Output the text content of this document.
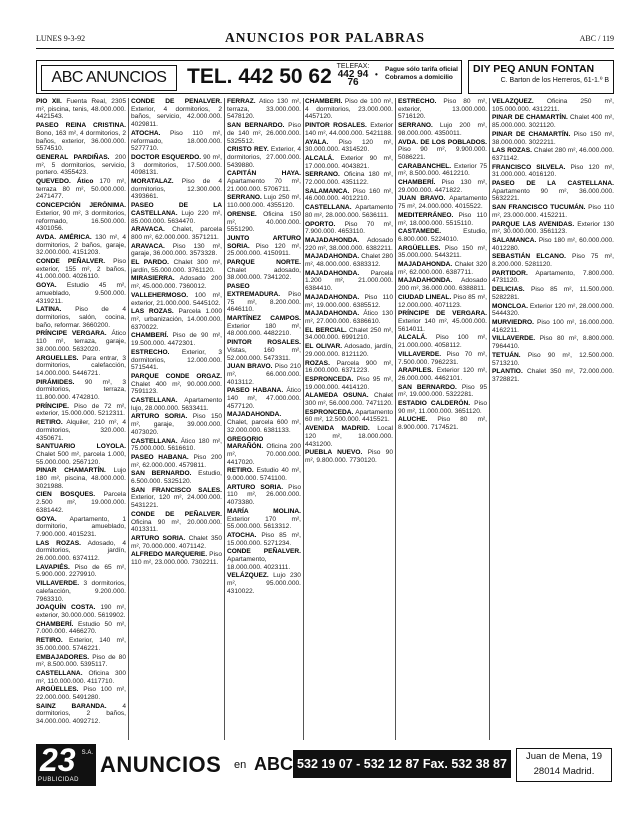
LUNES 9-3-92	ANUNCIOS POR PALABRAS	ABC / 119
ABC ANUNCIOS TEL. 442 50 62 TELEFAX:
442 94 76
•
Pague sólo tarifa oficial
Cobramos a domicilio
DIY PEQ ANUN FONTAN
C. Barton de los Herreros, 61-1.º B

PIO XII. Fuenta Real, 2305 m², piscina, tenis, 48.000.000. 4421543.

PASEO REINA CRISTINA. Bono, 163 m², 4 dormitorios, 2 baños, exterior, 36.000.000. 5574510.

GENERAL PARDIÑAS. 200 m², 5 dormitorios, servicio, portero. 4355423.

QUEVEDO. Ático 170 m², terraza 80 m², 50.000.000. 2471477.

CONCEPCIÓN JERÓNIMA. Exterior, 90 m², 3 dormitorios, reformado, 16.500.000. 4301056.

AVDA. AMÉRICA. 130 m², 4 dormitorios, 2 baños, garaje, 32.000.000. 4151203.

CONDE PEÑALVER. Piso exterior, 155 m², 2 baños, 41.000.000. 4026110.

GOYA. Estudio 45 m², amueblado, 9.500.000. 4319211.

LATINA. Piso de 4 dormitorios, salón, cocina, baño, reformar. 3660200.

PRÍNCIPE VERGARA. Ático 110 m², terraza, garaje, 38.000.000. 5632020.

ARGUELLES. Para entrar, 3 dormitorios, calefacción, 14.000.000. 5446721.

PIRÁMIDES. 90 m², 3 dormitorios, terraza, 11.800.000. 4742810.

PRÍNCIPE. Piso de 72 m², exterior, 15.000.000. 5212311.

RETIRO. Alquiler, 210 m², 4 dormitorios, 320.000. 4350671.

SANTUARIO LOYOLA. Chalet 500 m², parcela 1.000, 55.000.000. 2567120.

PINAR CHAMARTÍN. Lujo 180 m², piscina, 48.000.000. 3021988.

CIEN BOSQUES. Parcela 2.500 m², 19.000.000. 6381442.

GOYA. Apartamento, 1 dormitorio, amueblado, 7.900.000. 4015231.

LAS ROZAS. Adosado, 4 dormitorios, jardín, 26.000.000. 6374112.

LAVAPIÉS. Piso de 65 m², 5.900.000. 2279910.

VILLAVERDE. 3 dormitorios, calefacción, 9.200.000. 7963310.

JOAQUÍN COSTA. 190 m², exterior, 30.000.000. 5619902.

CHAMBERÍ. Estudio 50 m², 7.000.000. 4466270.

RETIRO. Exterior, 140 m², 35.000.000. 5746221.

EMBAJADORES. Piso de 80 m², 8.500.000. 5395117.

CASTELLANA. Oficina 300 m², 110.000.000. 4117710.

ARGÜELLES. Piso 100 m², 22.000.000. 5491280.

SAINZ BARANDA. 4 dormitorios, 2 baños, 34.000.000. 4092712.

CONDE DE PEÑALVER. Exterior, 4 dormitorios, 2 baños, servicio, 42.000.000. 4029811.

ATOCHA. Piso 110 m², reformado, 18.000.000. 5277710.

DOCTOR ESQUERDO. 90 m², 3 dormitorios, 17.500.000. 4098131.

MORATALAZ. Piso de 4 dormitorios, 12.300.000. 4393661.

PASEO DE LA CASTELLANA. Lujo 220 m², 85.000.000. 5634470.

ARAVACA. Chalet, parcela 800 m², 62.000.000. 3571211.

ARAVACA. Piso 130 m², garaje, 36.000.000. 3573328.

EL PARDO. Chalet 300 m², jardín, 55.000.000. 3761120.

MIRASIERRA. Adosado 200 m², 45.000.000. 7360012.

VALLEHERMOSO. 100 m², exterior, 21.000.000. 5445102.

LAS ROZAS. Parcela 1.000 m², urbanización, 14.000.000. 6370022.

CHAMBERÍ. Piso de 90 m², 19.500.000. 4472301.

ESTRECHO. Exterior, 3 dormitorios, 12.000.000. 5715441.

PARQUE CONDE ORGAZ. Chalet 400 m², 90.000.000. 7591123.

CASTELLANA. Apartamento lujo, 28.000.000. 5633411.

ARTURO SORIA. Piso 150 m², garaje, 39.000.000. 4073020.

CASTELLANA. Ático 180 m², 75.000.000. 5616610.

PASEO HABANA. Piso 200 m², 62.000.000. 4579811.

SAN BERNARDO. Estudio, 6.500.000. 5325120.

SAN FRANCISCO SALES. Exterior, 120 m², 24.000.000. 5431221.

CONDE DE PEÑALVER. Oficina 90 m², 20.000.000. 4013311.

ARTURO SORIA. Chalet 350 m², 70.000.000. 4071142.

ALFREDO MARQUERIE. Piso 110 m², 23.000.000. 7302211.

FERRAZ. Ático 130 m², terraza, 33.000.000. 5478120.

SAN BERNARDO. Piso de 140 m², 26.000.000. 5325512.

CRISTO REY. Exterior, 4 dormitorios, 27.000.000. 5439880.

CAPITÁN HAYA. Apartamento 70 m², 21.000.000. 5706711.

SERRANO. Lujo 250 m², 110.000.000. 4355120.

ORENSE. Oficina 150 m², 40.000.000. 5551290.

JUNTO ARTURO SORIA. Piso 120 m², 25.000.000. 4150911.

PARQUE NORTE. Chalet adosado, 38.000.000. 7341202.

PASEO EXTREMADURA. Piso 75 m², 8.200.000. 4646110.

MARTÍNEZ CAMPOS. Exterior 180 m², 48.000.000. 4482210.

PINTOR ROSALES. Vistas, 160 m², 52.000.000. 5473311.

JUAN BRAVO. Piso 210 m², 66.000.000. 4013112.

PASEO HABANA. Ático 140 m², 47.000.000. 4577120.

MAJADAHONDA. Chalet, parcela 600 m², 32.000.000. 6381133.

GREGORIO MARAÑÓN. Oficina 200 m², 70.000.000. 4417020.

RETIRO. Estudio 40 m², 9.000.000. 5741100.

ARTURO SORIA. Piso 110 m², 26.000.000. 4073380.

MARÍA MOLINA. Exterior 170 m², 55.000.000. 5613312.

ATOCHA. Piso 85 m², 15.000.000. 5271234.

CONDE PEÑALVER. Apartamento, 18.000.000. 4023111.

VELÁZQUEZ. Lujo 230 m², 95.000.000. 4310022.

CHAMBERÍ. Piso de 100 m², 4 dormitorios, 23.000.000. 4457120.

PINTOR ROSALES. Exterior 140 m², 44.000.000. 5421188.

AYALA. Piso 120 m², 30.000.000. 4314520.

ALCALÁ. Exterior 90 m², 17.000.000. 4043821.

SERRANO. Oficina 180 m², 72.000.000. 4351122.

SALAMANCA. Piso 160 m², 46.000.000. 4012210.

CASTELLANA. Apartamento 80 m², 28.000.000. 5636111.

OPORTO. Piso 70 m², 7.900.000. 4653110.

MAJADAHONDA. Adosado 220 m², 38.000.000. 6382211.

MAJADAHONDA. Chalet 280 m², 48.000.000. 6383312.

MAJADAHONDA. Parcela 1.200 m², 21.000.000. 6384410.

MAJADAHONDA. Piso 110 m², 19.000.000. 6385512.

MAJADAHONDA. Ático 130 m², 27.000.000. 6386610.

EL BERCIAL. Chalet 250 m², 34.000.000. 6991210.

EL OLIVAR. Adosado, jardín, 29.000.000. 8121120.

ROZAS. Parcela 900 m², 16.000.000. 6371223.

ESPRONCEDA. Piso 95 m², 19.000.000. 4414120.

ALAMEDA OSUNA. Chalet 300 m², 56.000.000. 7471120.

ESPRONCEDA. Apartamento 60 m², 12.500.000. 4415521.

AVENIDA MADRID. Local 120 m², 18.000.000. 4431200.

PUEBLA NUEVO. Piso 90 m², 9.800.000. 7730120.

ESTRECHO. Piso 80 m², exterior, 13.000.000. 5716120.

SERRANO. Lujo 200 m², 98.000.000. 4350011.

AVDA. DE LOS POBLADOS. Piso 90 m², 9.900.000. 5086221.

CARABANCHEL. Exterior 75 m², 8.500.000. 4612210.

CHAMBERÍ. Piso 130 m², 29.000.000. 4471822.

JUAN BRAVO. Apartamento 75 m², 24.000.000. 4015522.

MEDITERRÁNEO. Piso 110 m², 18.000.000. 5515110.

CASTAMEDE.	Estudio, 6.800.000. 5224010.

ARGÜELLES. Piso 150 m², 35.000.000. 5443211.

MAJADAHONDA. Chalet 320 m², 62.000.000. 6387711.

MAJADAHONDA. Adosado 200 m², 36.000.000. 6388811.

CIUDAD LINEAL. Piso 85 m², 12.000.000. 4071123.

PRÍNCIPE DE VERGARA. Exterior 140 m², 45.000.000. 5614011.

ALCALÁ. Piso 100 m², 21.000.000. 4058112.

VILLAVERDE. Piso 70 m², 7.500.000. 7962231.

ARAPILES. Exterior 120 m², 26.000.000. 4462101.

SAN BERNARDO. Piso 95 m², 19.000.000. 5322281.

ESTADIO CALDERÓN. Piso 90 m², 11.000.000. 3651120.

ALUCHE. Piso 80 m², 8.900.000. 7174521.

VELÁZQUEZ. Oficina 250 m², 105.000.000. 4312211.

PINAR DE CHAMARTÍN. Chalet 400 m², 85.000.000. 3021120.

PINAR DE CHAMARTÍN. Piso 150 m², 38.000.000. 3022211.

LAS ROZAS. Chalet 280 m², 46.000.000. 6371142.

FRANCISCO SILVELA. Piso 120 m², 31.000.000. 4016120.

PASEO DE LA CASTELLANA. Apartamento 90 m², 36.000.000. 5632221.

SAN FRANCISCO TUCUMÁN. Piso 110 m², 23.000.000. 4152211.

PARQUE LAS AVENIDAS. Exterior 130 m², 30.000.000. 3561123.

SALAMANCA. Piso 180 m², 60.000.000. 4012280.

SEBASTIÁN ELCANO. Piso 75 m², 8.200.000. 5281120.

PARTIDOR. Apartamento, 7.800.000. 4731120.

DELICIAS. Piso 85 m², 11.500.000. 5282281.

MONCLOA. Exterior 120 m², 28.000.000. 5444320.

MURVIEDRO. Piso 100 m², 16.000.000. 4162211.

VILLAVERDE. Piso 80 m², 8.800.000. 7964410.

TETUÁN. Piso 90 m², 12.500.000. 5713210.

PLANTIO. Chalet 350 m², 72.000.000. 3728821.

23 S.A.
PUBLICIDAD
ANUNCIOS en ABC 532 19 07 - 532 12 87 Fax. 532 38 87
Juan de Mena, 19
28014 Madrid.
